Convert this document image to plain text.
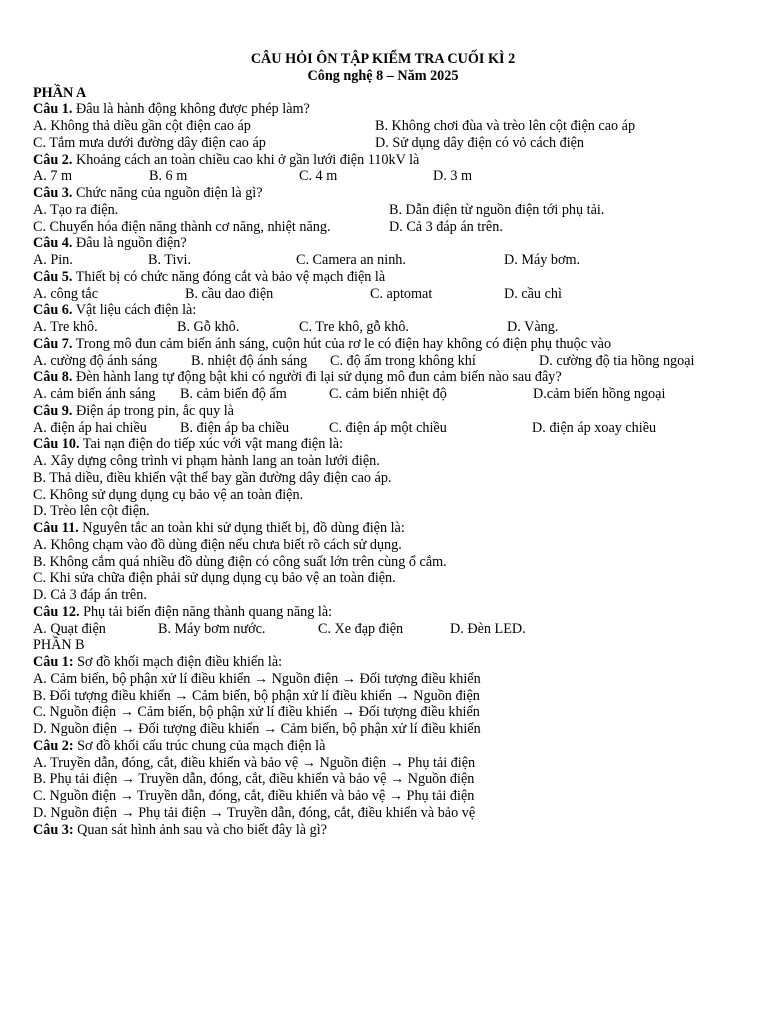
CÂU HỎI ÔN TẬP KIỂM TRA CUỐI KÌ 2
Công nghệ 8 – Năm 2025
PHẦN A
Câu 1. Đâu là hành động không được phép làm?
A. Không thả diều gần cột điện cao áp	B. Không chơi đùa và trèo lên cột điện cao áp
C. Tắm mưa dưới đường dây điện cao áp	D. Sử dụng dây điện có vỏ cách điện
Câu 2. Khoảng cách an toàn chiều cao khi ở gần lưới điện 110kV là
A. 7 m	B. 6 m	C. 4 m	D. 3 m
Câu 3. Chức năng của nguồn điện là gì?
A. Tạo ra điện.	B. Dẫn điện từ nguồn điện tới phụ tải.
C. Chuyển hóa điện năng thành cơ năng, nhiệt năng.	D. Cả 3 đáp án trên.
Câu 4. Đâu là nguồn điện?
A. Pin.	B. Tivi.	C. Camera an ninh.	D. Máy bơm.
Câu 5. Thiết bị có chức năng đóng cắt và bảo vệ mạch điện là
A. công tắc	B. cầu dao điện	C. aptomat	D. cầu chì
Câu 6. Vật liệu cách điện là:
A. Tre khô.	B. Gỗ khô.	C. Tre khô, gỗ khô.	D. Vàng.
Câu 7. Trong mô đun cảm biến ánh sáng, cuộn hút của rơ le có điện hay không có điện phụ thuộc vào
A. cường độ ánh sáng B. nhiệt độ ánh sáng C. độ ẩm trong không khí	D. cường độ tia hồng ngoại
Câu 8. Đèn hành lang tự động bật khi có người đi lại sử dụng mô đun cảm biến nào sau đây?
A. cảm biến ánh sáng B. cảm biến độ ẩm	C. cảm biến nhiệt độ	D.cảm biến hồng ngoại
Câu 9. Điện áp trong pin, ắc quy là
A. điện áp hai chiều B. điện áp ba chiều	C. điện áp một chiều	D. điện áp xoay chiều
Câu 10. Tai nạn điện do tiếp xúc với vật mang điện là:
A. Xây dựng công trình vi phạm hành lang an toàn lưới điện.
B. Thả diều, điều khiển vật thể bay gần đường dây điện cao áp.
C. Không sử dụng dụng cụ bảo vệ an toàn điện.
D. Trèo lên cột điện.
Câu 11. Nguyên tắc an toàn khi sử dụng thiết bị, đồ dùng điện là:
A. Không chạm vào đồ dùng điện nếu chưa biết rõ cách sử dụng.
B. Không cắm quá nhiều đồ dùng điện có công suất lớn trên cùng ổ cắm.
C. Khi sửa chữa điện phải sử dụng dụng cụ bảo vệ an toàn điện.
D. Cả 3 đáp án trên.
Câu 12. Phụ tải biến điện năng thành quang năng là:
A. Quạt điện	B. Máy bơm nước.	C. Xe đạp điện	D. Đèn LED.
PHẦN B
Câu 1: Sơ đồ khối mạch điện điều khiển là:
A. Cảm biến, bộ phận xử lí điều khiển → Nguồn điện → Đối tượng điều khiển
B. Đối tượng điều khiển → Cảm biến, bộ phận xử lí điều khiển → Nguồn điện
C. Nguồn điện → Cảm biến, bộ phận xử lí điều khiển → Đối tượng điều khiển
D. Nguồn điện → Đối tượng điều khiển → Cảm biến, bộ phận xử lí điều khiển
Câu 2: Sơ đồ khối cấu trúc chung của mạch điện là
A. Truyền dẫn, đóng, cắt, điều khiển và bảo vệ → Nguồn điện → Phụ tải điện
B. Phụ tải điện → Truyền dẫn, đóng, cắt, điều khiển và bảo vệ → Nguồn điện
C. Nguồn điện → Truyền dẫn, đóng, cắt, điều khiển và bảo vệ → Phụ tải điện
D. Nguồn điện → Phụ tải điện → Truyền dẫn, đóng, cắt, điều khiển và bảo vệ
Câu 3: Quan sát hình ảnh sau và cho biết đây là gì?
